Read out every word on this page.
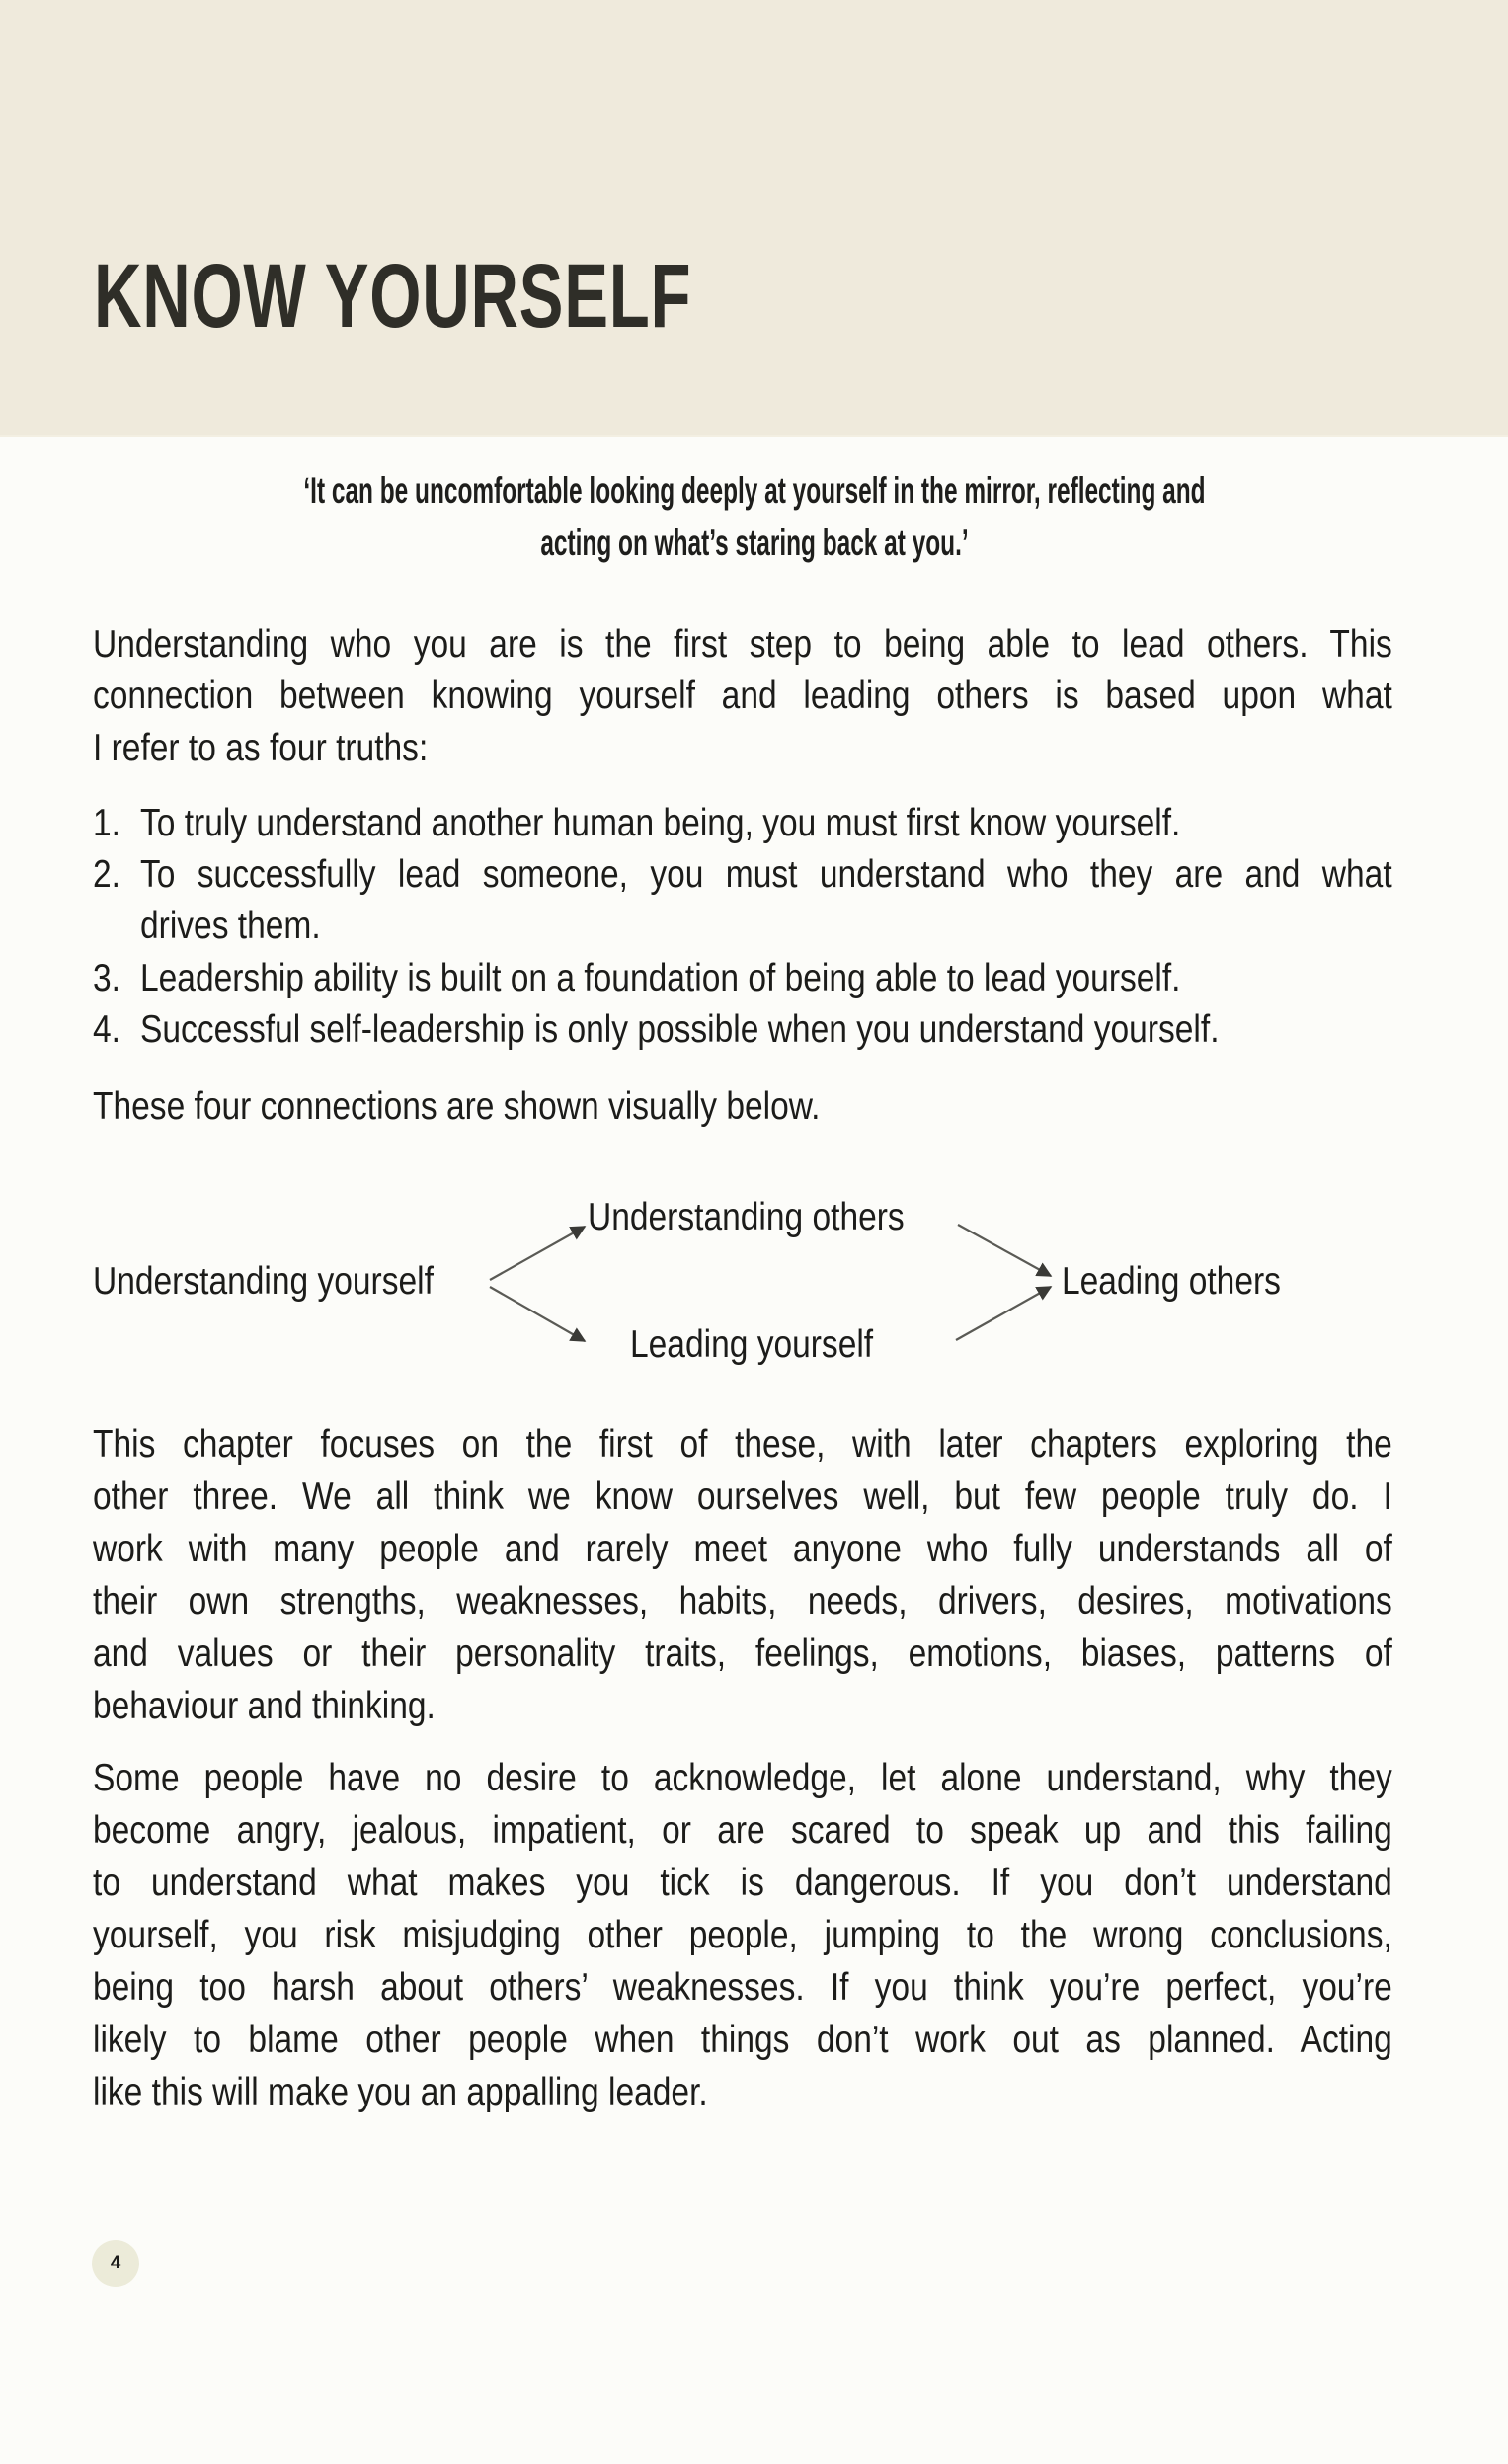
KNOW YOURSELF
‘It can be uncomfortable looking deeply at yourself in the mirror, reflecting and
acting on what’s staring back at you.’
Understanding who you are is the first step to being able to lead others. This
connection between knowing yourself and leading others is based upon what
I refer to as four truths:
1. To truly understand another human being, you must first know yourself.
2. To successfully lead someone, you must understand who they are and what
drives them.
3. Leadership ability is built on a foundation of being able to lead yourself.
4. Successful self-leadership is only possible when you understand yourself.
These four connections are shown visually below.
Understanding yourself
Understanding others
Leading yourself
Leading others
This chapter focuses on the first of these, with later chapters exploring the
other three. We all think we know ourselves well, but few people truly do. I
work with many people and rarely meet anyone who fully understands all of
their own strengths, weaknesses, habits, needs, drivers, desires, motivations
and values or their personality traits, feelings, emotions, biases, patterns of
behaviour and thinking.
Some people have no desire to acknowledge, let alone understand, why they
become angry, jealous, impatient, or are scared to speak up and this failing
to understand what makes you tick is dangerous. If you don’t understand
yourself, you risk misjudging other people, jumping to the wrong conclusions,
being too harsh about others’ weaknesses. If you think you’re perfect, you’re
likely to blame other people when things don’t work out as planned. Acting
like this will make you an appalling leader.
4
